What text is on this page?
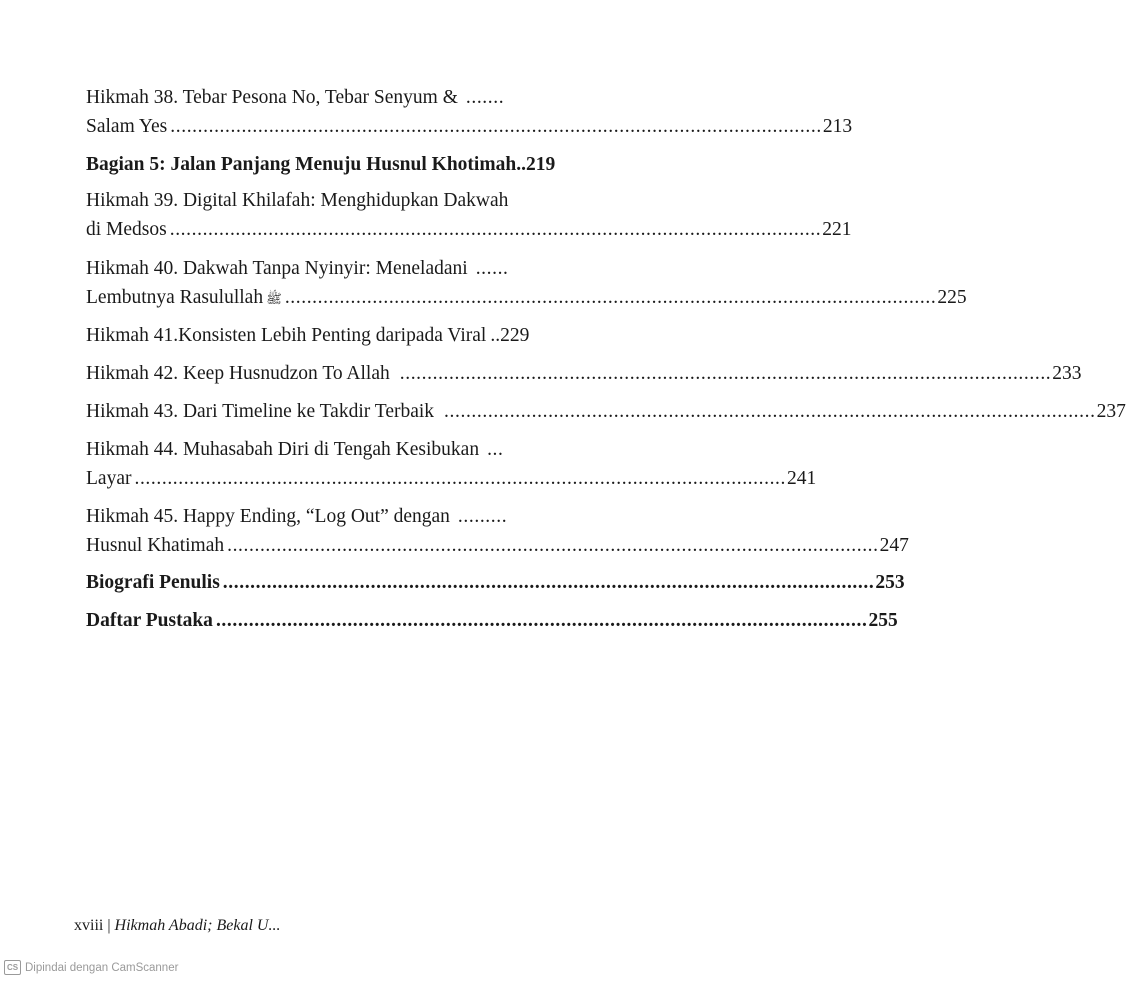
Hikmah 38. Tebar Pesona No, Tebar Senyum & .......
Salam Yes ....................................................................................................................... 213
Bagian 5: Jalan Panjang Menuju Husnul Khotimah .. 219
Hikmah 39. Digital Khilafah: Menghidupkan Dakwah
di Medsos ....................................................................................................................... 221
Hikmah 40. Dakwah Tanpa Nyinyir: Meneladani ......
Lembutnya Rasulullah ﷺ ....................................................................................................................... 225
Hikmah 41.Konsisten Lebih Penting daripada Viral .. 229
Hikmah 42. Keep Husnudzon To Allah ....................................................................................................................... 233
Hikmah 43. Dari Timeline ke Takdir Terbaik ....................................................................................................................... 237
Hikmah 44. Muhasabah Diri di Tengah Kesibukan ...
Layar ....................................................................................................................... 241
Hikmah 45. Happy Ending, “Log Out” dengan .........
Husnul Khatimah ....................................................................................................................... 247
Biografi Penulis ....................................................................................................................... 253
Daftar Pustaka ....................................................................................................................... 255
xviii | Hikmah Abadi; Bekal U...
CS Dipindai dengan CamScanner
